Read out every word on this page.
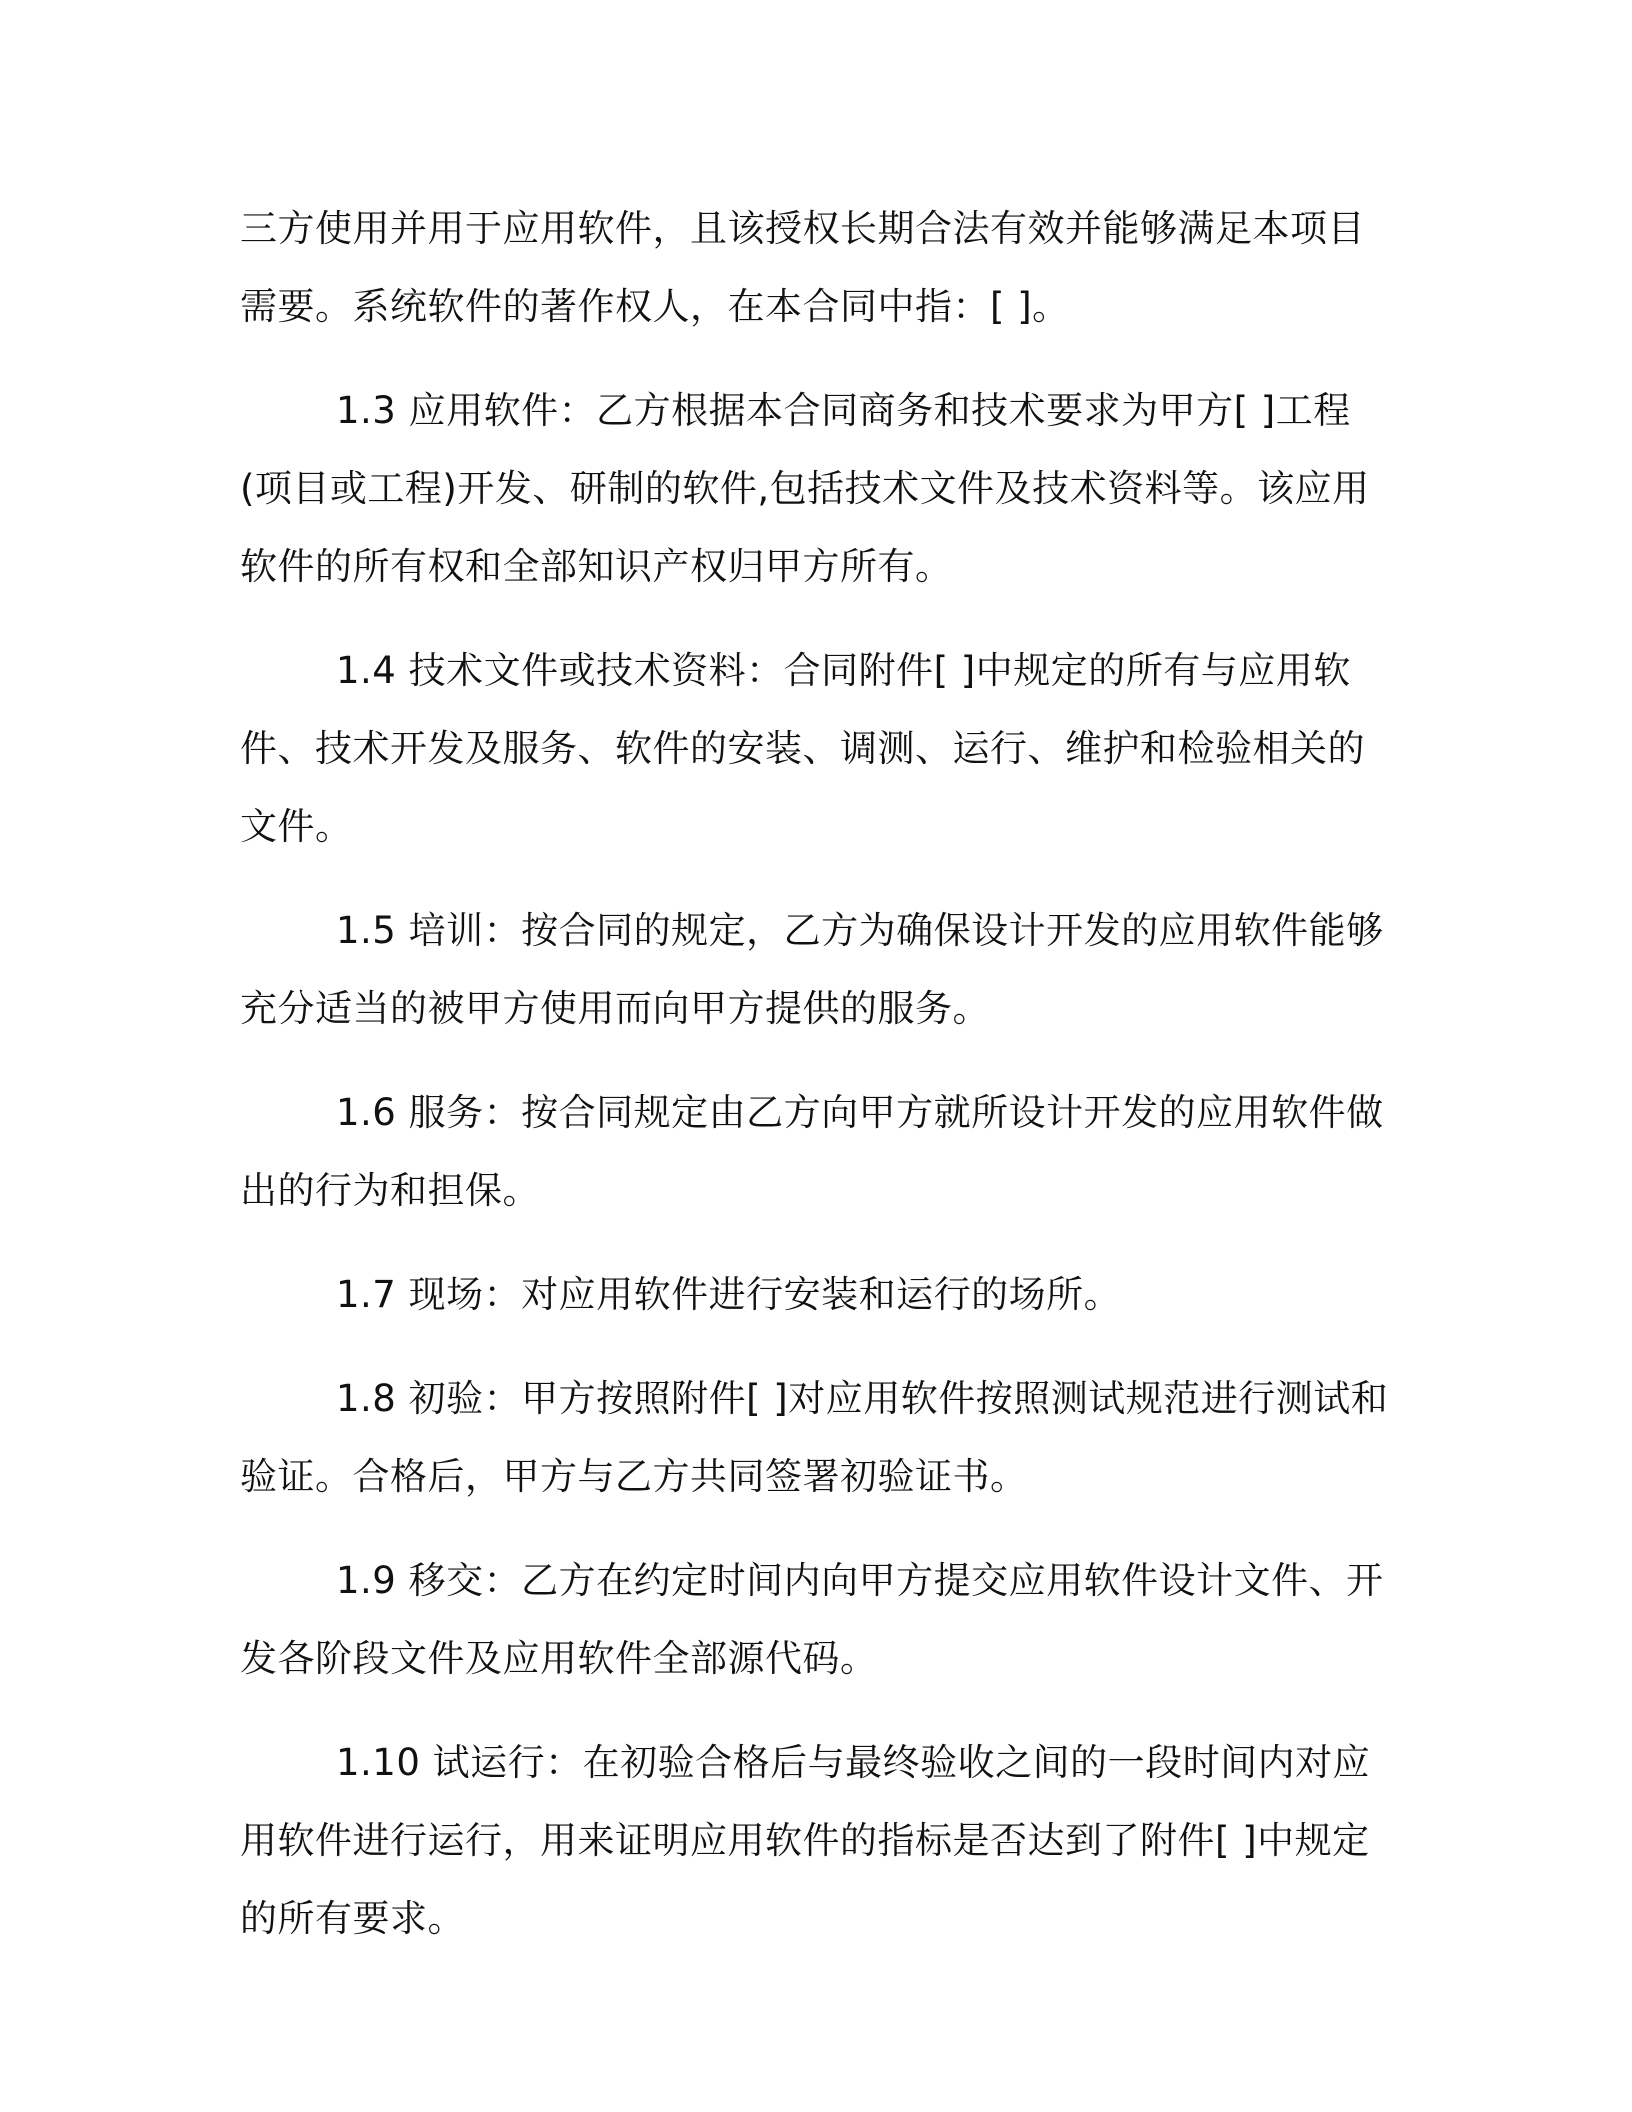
三方使用并用于应用软件，且该授权长期合法有效并能够满足本项目需要。系统软件的著作权人，在本合同中指：[ ]。

1.3 应用软件：乙方根据本合同商务和技术要求为甲方[ ]工程(项目或工程)开发、研制的软件,包括技术文件及技术资料等。该应用软件的所有权和全部知识产权归甲方所有。

1.4 技术文件或技术资料：合同附件[ ]中规定的所有与应用软件、技术开发及服务、软件的安装、调测、运行、维护和检验相关的文件。

1.5 培训：按合同的规定，乙方为确保设计开发的应用软件能够充分适当的被甲方使用而向甲方提供的服务。

1.6 服务：按合同规定由乙方向甲方就所设计开发的应用软件做出的行为和担保。

1.7 现场：对应用软件进行安装和运行的场所。

1.8 初验：甲方按照附件[ ]对应用软件按照测试规范进行测试和验证。合格后，甲方与乙方共同签署初验证书。

1.9 移交：乙方在约定时间内向甲方提交应用软件设计文件、开发各阶段文件及应用软件全部源代码。

1.10 试运行：在初验合格后与最终验收之间的一段时间内对应用软件进行运行，用来证明应用软件的指标是否达到了附件[ ]中规定的所有要求。
